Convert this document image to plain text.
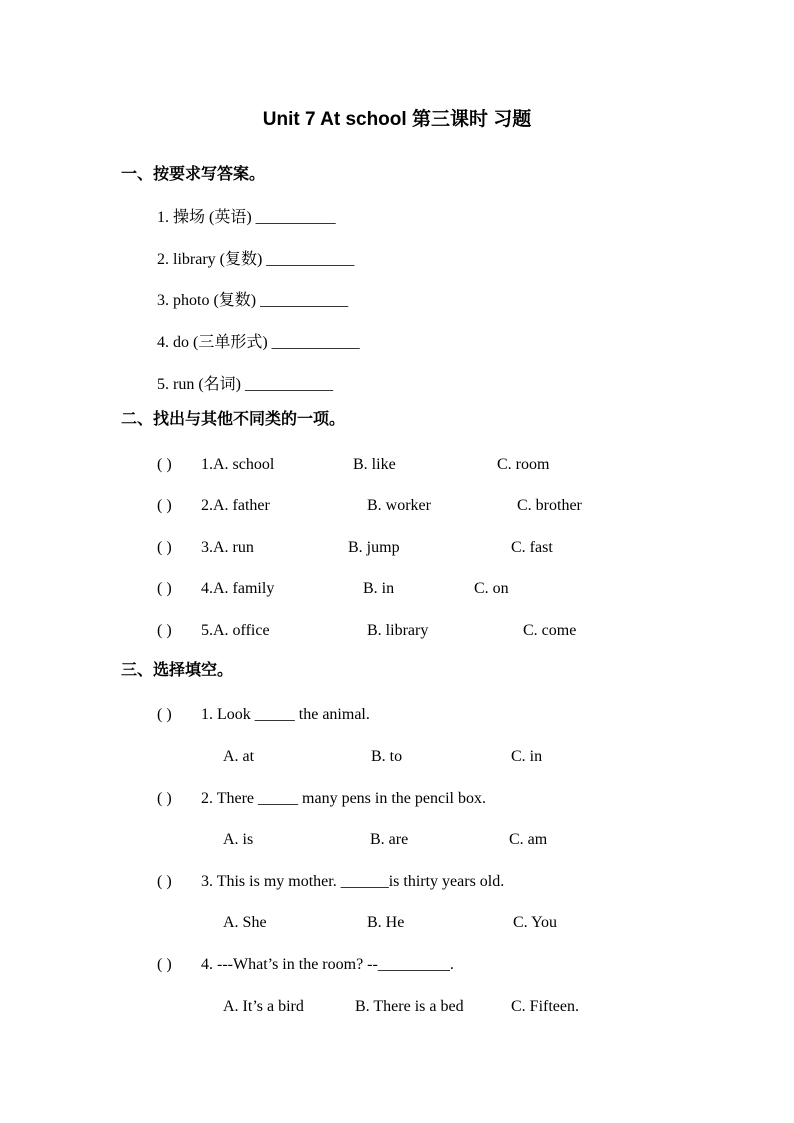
Unit 7 At school 第三课时 习题
一、按要求写答案。
1. 操场 (英语) __________
2. library (复数) ___________
3. photo (复数) ___________
4. do (三单形式) ___________
5. run (名词) ___________
二、找出与其他不同类的一项。
( ) 1.A. school	B. like	C. room
( ) 2.A. father	B. worker	C. brother
( ) 3.A. run	B. jump	C. fast
( ) 4.A. family	B. in	C. on
( ) 5.A. office	B. library	C. come
三、选择填空。
( ) 1. Look _____ the animal.
A. at	B. to	C. in
( ) 2. There _____ many pens in the pencil box.
A. is	B. are	C. am
( ) 3. This is my mother. ______is thirty years old.
A. She	B. He	C. You
( ) 4. ---What’s in the room? --_________.
A. It’s a bird	B. There is a bed	C. Fifteen.
